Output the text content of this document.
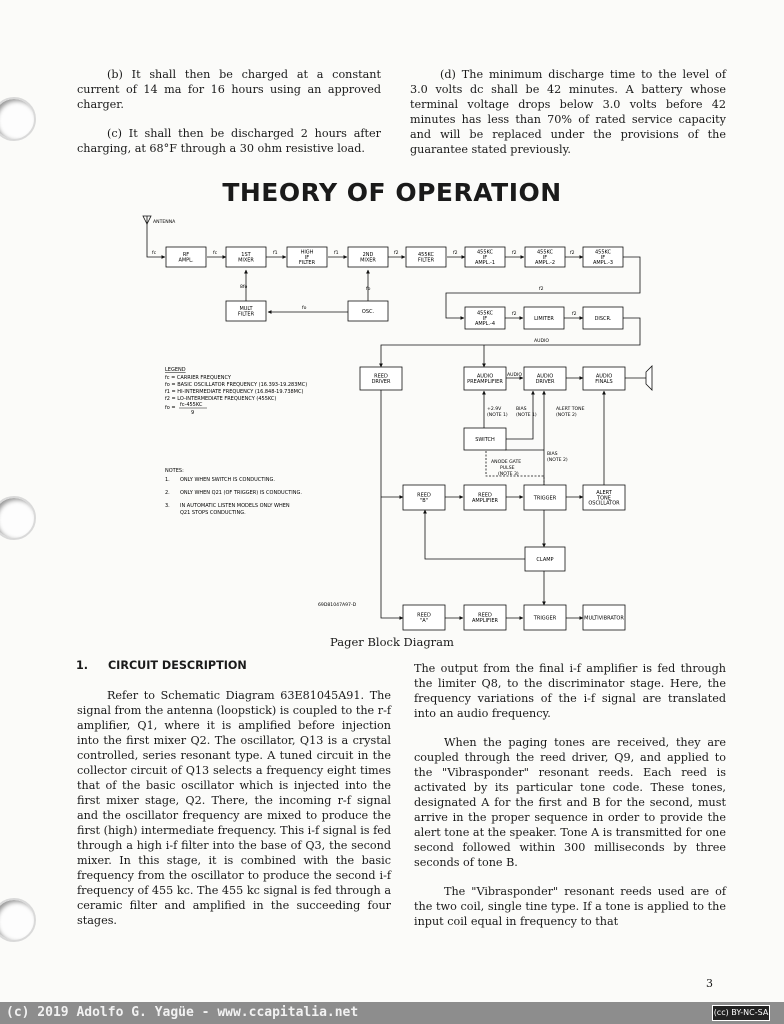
(b) It shall then be charged at a constant current of 14 ma for 16 hours using an approved charger.

(c) It shall then be discharged 2 hours after charging, at 68°F through a 30 ohm resistive load.

(d) The minimum discharge time to the level of 3.0 volts dc shall be 42 minutes. A battery whose terminal voltage drops below 3.0 volts before 42 minutes has less than 70% of rated service capacity and will be replaced under the provisions of the guarantee stated previously.

THEORY OF OPERATION
ANTENNA
RF
AMPL.
1ST
MIXER
HIGH
IF
FILTER
2ND
MIXER
455KC
FILTER
455KC
IF
AMPL.-1
455KC
IF
AMPL.-2
455KC
IF
AMPL.-3
455KC
IF
AMPL.-4
MULT
FILTER	OSC.
LIMITER	DISCR.
REED
DRIVER
AUDIO
PREAMPLIFIER
AUDIO
DRIVER
AUDIO
FINALS
SWITCH
REED
"B"
REED
AMPLIFIER	TRIGGER
ALERT
TONE
OSCILLATOR
CLAMP
REED
"A"
REED
AMPLIFIER	TRIGGER	MULTIVIBRATOR
fc	fc	f1	f1	f2	f2	f2	f2
f2
f2	f2
AUDIO
AUDIO
fo
8fo	fo
LEGEND
fc = CARRIER FREQUENCY
fo = BASIC OSCILLATOR FREQUENCY (16.393-19.283MC)
f1 = HI-INTERMEDIATE FREQUENCY (16.848-19.738MC)
f2 = LO-INTERMEDIATE FREQUENCY (455KC)
fo = fc-455KC
9
NOTES:
1. ONLY WHEN SWITCH IS CONDUCTING.
2. ONLY WHEN Q21 (OF TRIGGER) IS CONDUCTING.
3. IN AUTOMATIC LISTEN MODELS ONLY WHEN
Q21 STOPS CONDUCTING.
+2.9V
(NOTE 1)
BIAS
(NOTE 1)
ALERT TONE
(NOTE 2)
BIAS
(NOTE 2)
ANODE GATE
PULSE
(NOTE 3)
69D81047A97-D
Pager Block Diagram
1. CIRCUIT DESCRIPTION

Refer to Schematic Diagram 63E81045A91. The signal from the antenna (loopstick) is coupled to the r-f amplifier, Q1, where it is amplified before injection into the first mixer Q2. The oscillator, Q13 is a crystal controlled, series resonant type. A tuned circuit in the collector circuit of Q13 selects a frequency eight times that of the basic oscillator which is injected into the first mixer stage, Q2. There, the incoming r-f signal and the oscillator frequency are mixed to produce the first (high) intermediate frequency. This i-f signal is fed through a high i-f filter into the base of Q3, the second mixer. In this stage, it is combined with the basic frequency from the oscillator to produce the second i-f frequency of 455 kc. The 455 kc signal is fed through a ceramic filter and amplified in the succeeding four stages.

The output from the final i-f amplifier is fed through the limiter Q8, to the discriminator stage. Here, the frequency variations of the i-f signal are translated into an audio frequency.

When the paging tones are received, they are coupled through the reed driver, Q9, and applied to the "Vibrasponder" resonant reeds. Each reed is activated by its particular tone code. These tones, designated A for the first and B for the second, must arrive in the proper sequence in order to provide the alert tone at the speaker. Tone A is transmitted for one second followed within 300 milliseconds by three seconds of tone B.

The "Vibrasponder" resonant reeds used are of the two coil, single tine type. If a tone is applied to the input coil equal in frequency to that

3
(c) 2019 Adolfo G. Yagüe - www.ccapitalia.net	(cc) BY-NC-SA
